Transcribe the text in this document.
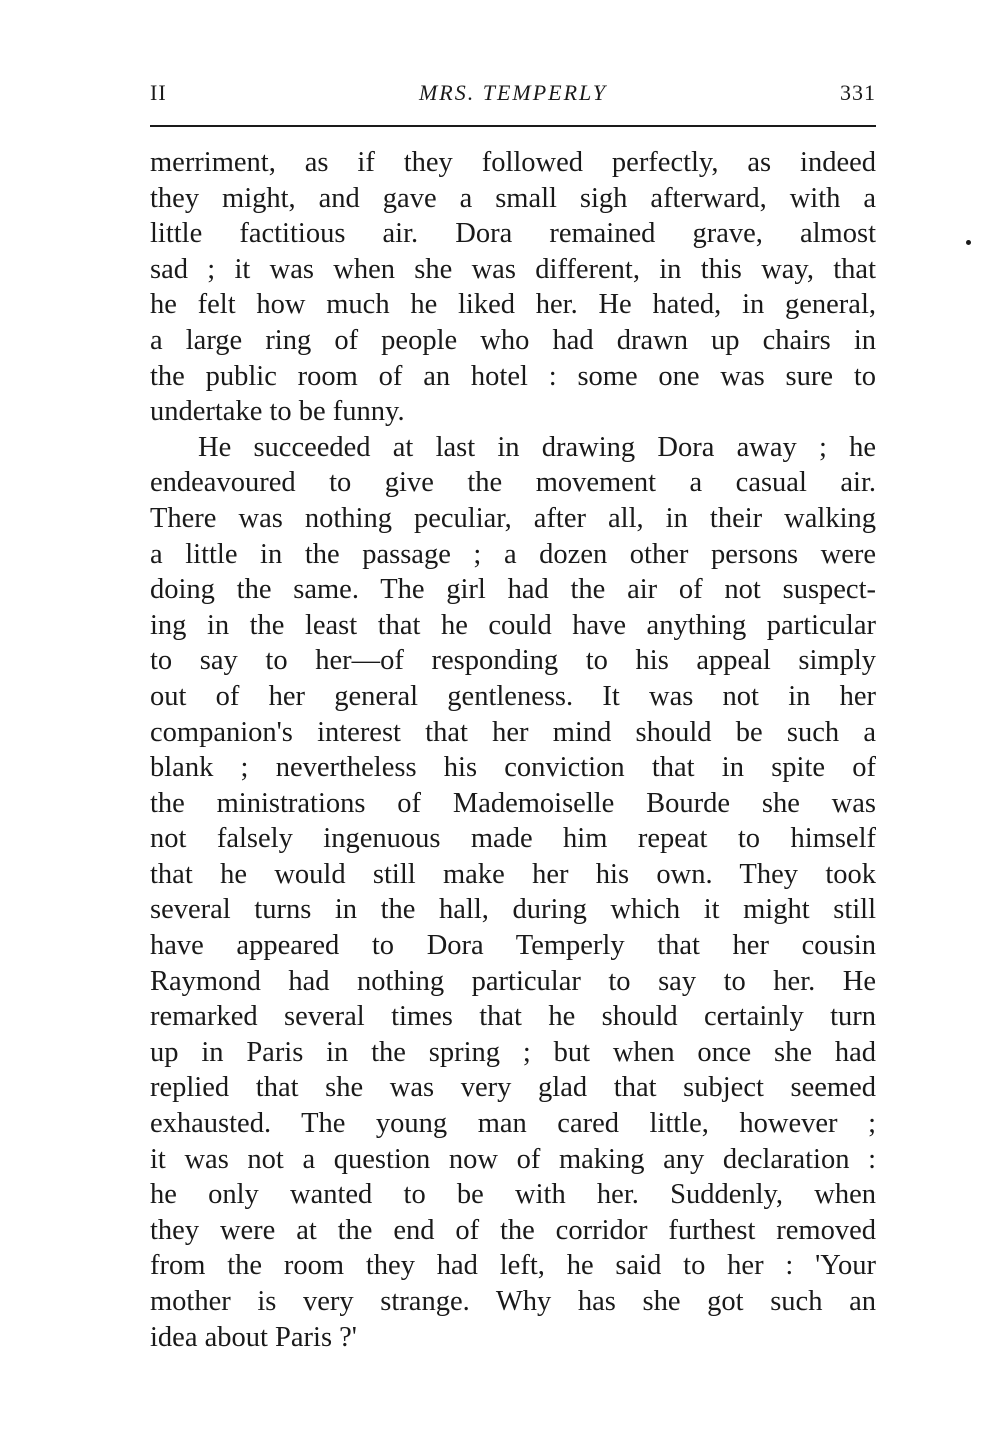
II	MRS. TEMPERLY	331
merriment, as if they followed perfectly, as indeed
they might, and gave a small sigh afterward, with a
little factitious air. Dora remained grave, almost
sad ; it was when she was different, in this way, that
he felt how much he liked her. He hated, in general,
a large ring of people who had drawn up chairs in
the public room of an hotel : some one was sure to
undertake to be funny.
He succeeded at last in drawing Dora away ; he
endeavoured to give the movement a casual air.
There was nothing peculiar, after all, in their walking
a little in the passage ; a dozen other persons were
doing the same. The girl had the air of not suspect-
ing in the least that he could have anything particular
to say to her—of responding to his appeal simply
out of her general gentleness. It was not in her
companion's interest that her mind should be such a
blank ; nevertheless his conviction that in spite of
the ministrations of Mademoiselle Bourde she was
not falsely ingenuous made him repeat to himself
that he would still make her his own. They took
several turns in the hall, during which it might still
have appeared to Dora Temperly that her cousin
Raymond had nothing particular to say to her. He
remarked several times that he should certainly turn
up in Paris in the spring ; but when once she had
replied that she was very glad that subject seemed
exhausted. The young man cared little, however ;
it was not a question now of making any declaration :
he only wanted to be with her. Suddenly, when
they were at the end of the corridor furthest removed
from the room they had left, he said to her : 'Your
mother is very strange. Why has she got such an
idea about Paris ?'
